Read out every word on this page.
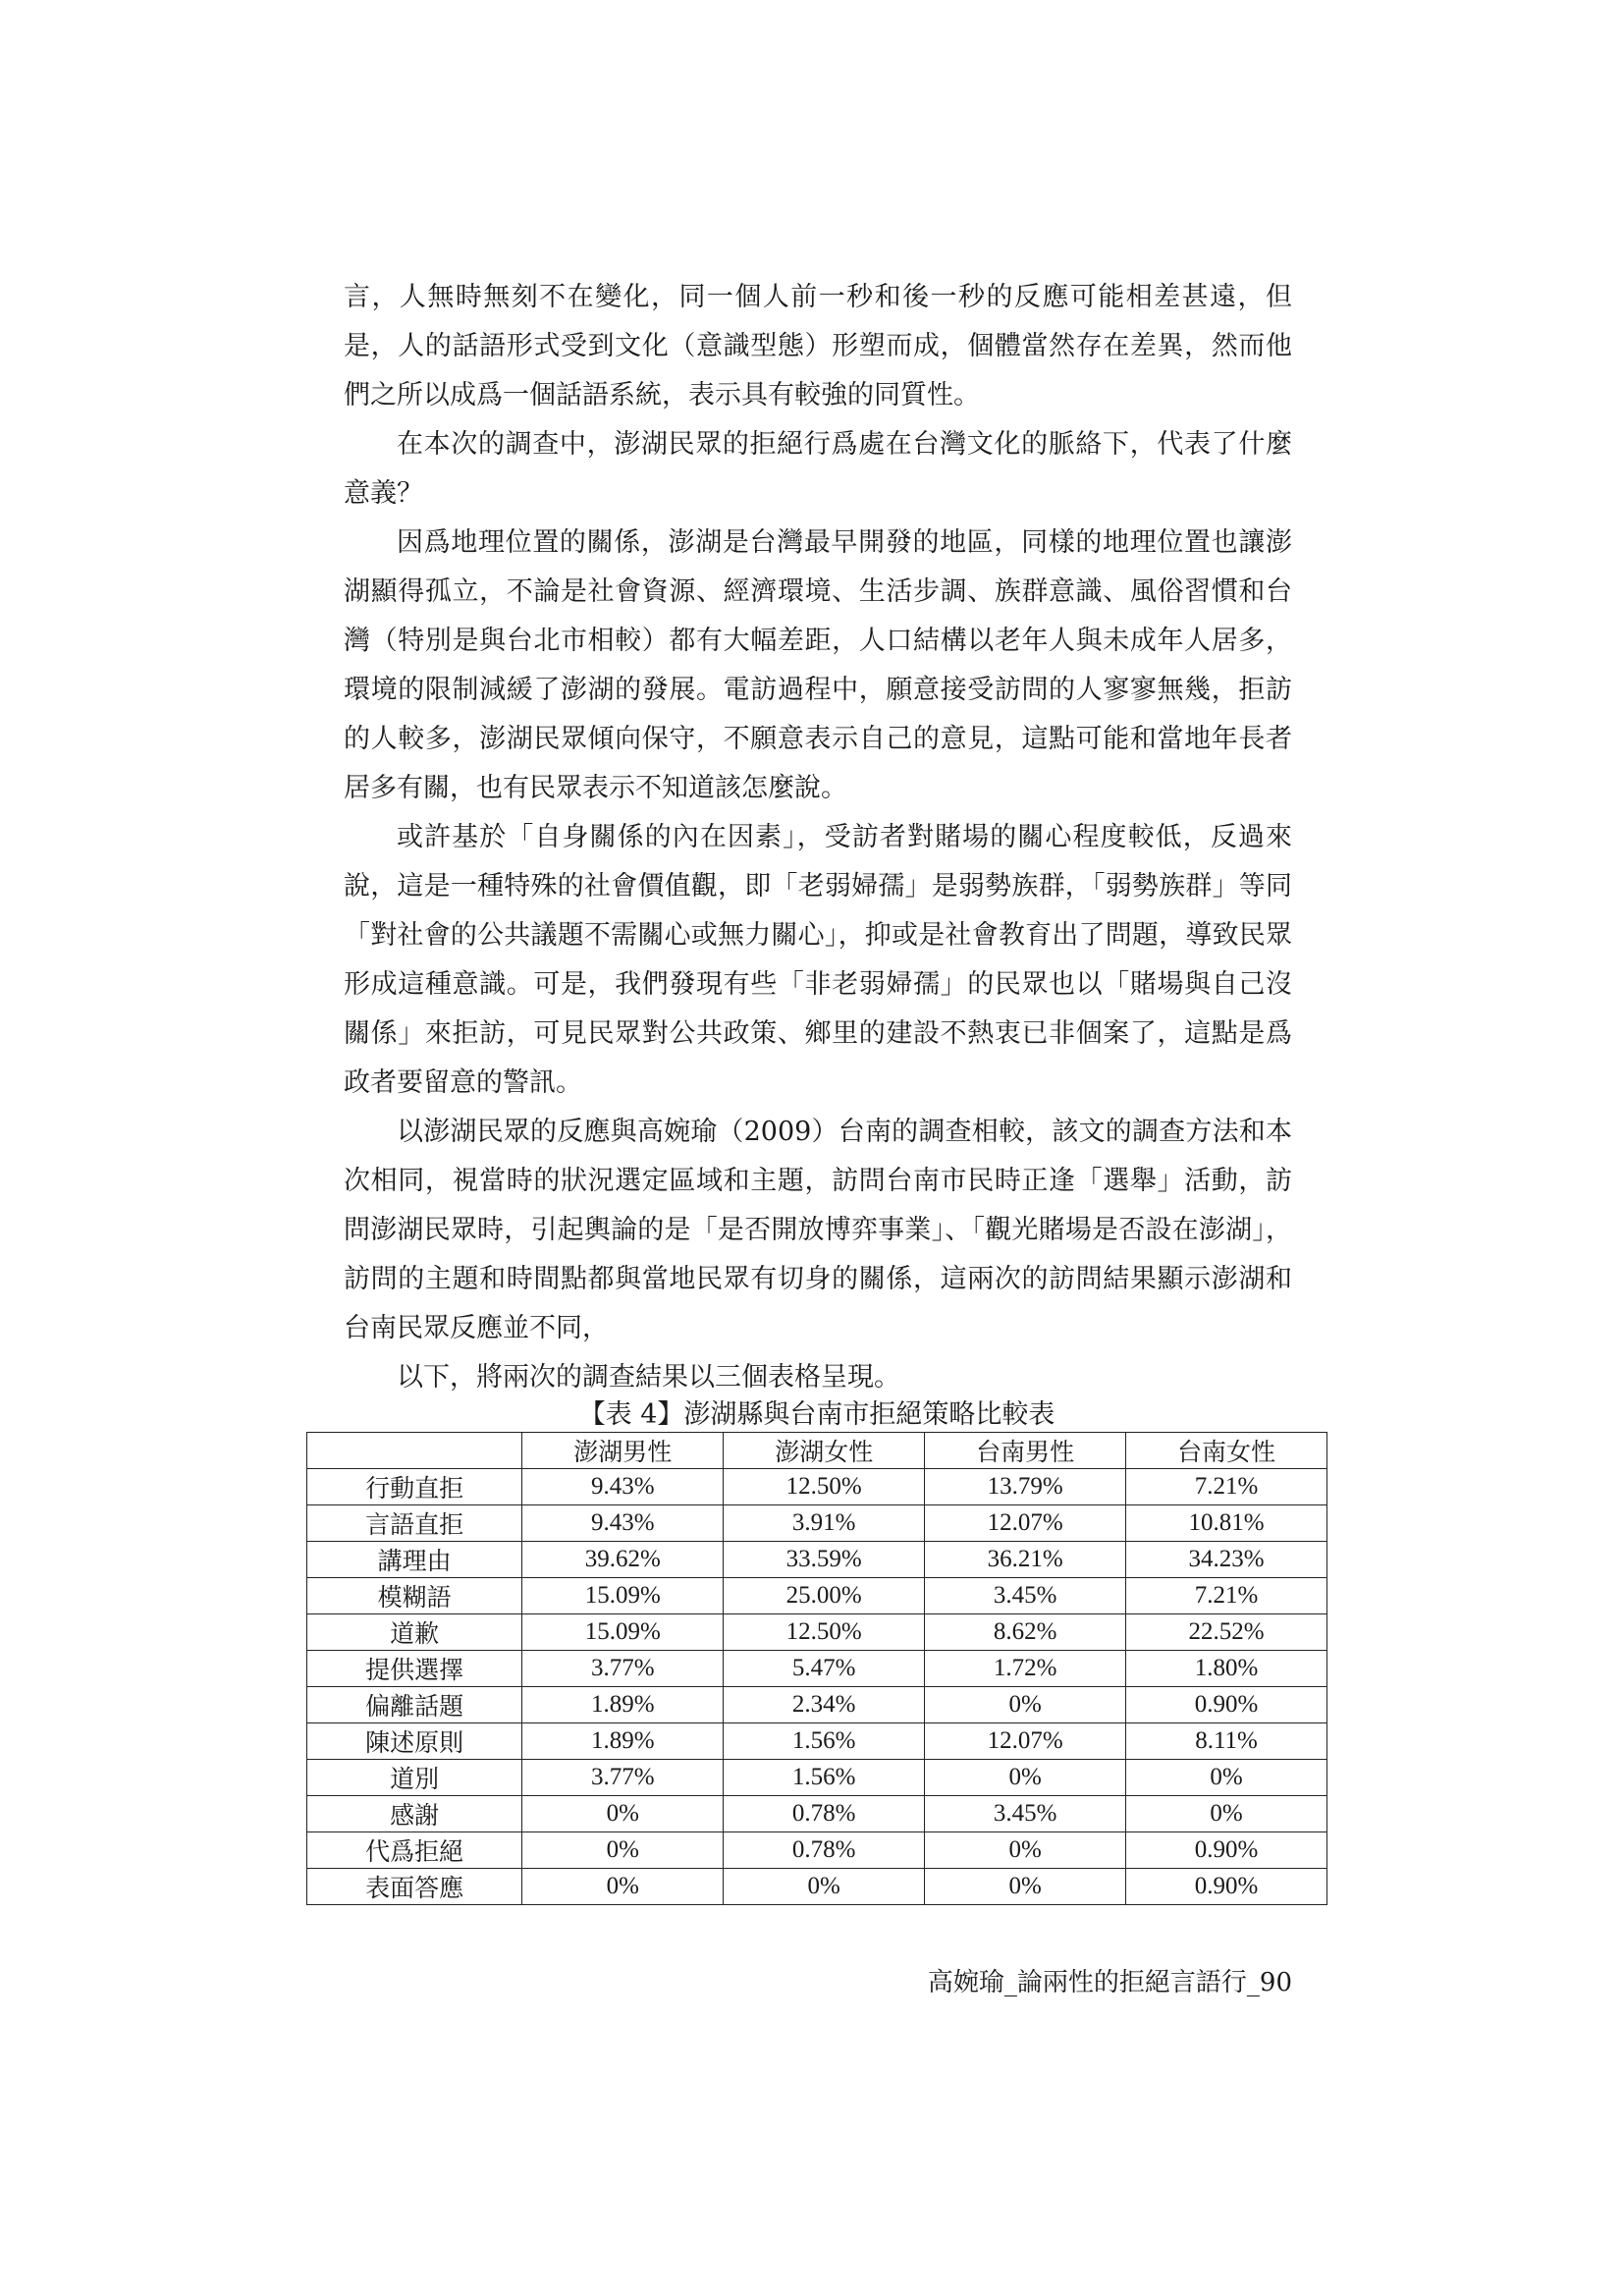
言，人無時無刻不在變化，同一個人前一秒和後一秒的反應可能相差甚遠，但是，人的話語形式受到文化（意識型態）形塑而成，個體當然存在差異，然而他們之所以成爲一個話語系統，表示具有較強的同質性。

在本次的調查中，澎湖民眾的拒絕行爲處在台灣文化的脈絡下，代表了什麼意義？

因爲地理位置的關係，澎湖是台灣最早開發的地區，同樣的地理位置也讓澎湖顯得孤立，不論是社會資源、經濟環境、生活步調、族群意識、風俗習慣和台灣（特別是與台北市相較）都有大幅差距，人口結構以老年人與未成年人居多，環境的限制減緩了澎湖的發展。電訪過程中，願意接受訪問的人寥寥無幾，拒訪的人較多，澎湖民眾傾向保守，不願意表示自己的意見，這點可能和當地年長者居多有關，也有民眾表示不知道該怎麼說。

或許基於「自身關係的內在因素」，受訪者對賭場的關心程度較低，反過來說，這是一種特殊的社會價值觀，即「老弱婦孺」是弱勢族群，「弱勢族群」等同「對社會的公共議題不需關心或無力關心」，抑或是社會教育出了問題，導致民眾形成這種意識。可是，我們發現有些「非老弱婦孺」的民眾也以「賭場與自己沒關係」來拒訪，可見民眾對公共政策、鄉里的建設不熱衷已非個案了，這點是爲政者要留意的警訊。

以澎湖民眾的反應與高婉瑜（2009）台南的調查相較，該文的調查方法和本次相同，視當時的狀況選定區域和主題，訪問台南市民時正逢「選舉」活動，訪問澎湖民眾時，引起輿論的是「是否開放博弈事業」、「觀光賭場是否設在澎湖」，訪問的主題和時間點都與當地民眾有切身的關係，這兩次的訪問結果顯示澎湖和台南民眾反應並不同，

以下，將兩次的調查結果以三個表格呈現。

【表 4】澎湖縣與台南市拒絕策略比較表
	澎湖男性	澎湖女性	台南男性	台南女性
行動直拒	9.43%	12.50%	13.79%	7.21%
言語直拒	9.43%	3.91%	12.07%	10.81%
講理由	39.62%	33.59%	36.21%	34.23%
模糊語	15.09%	25.00%	3.45%	7.21%
道歉	15.09%	12.50%	8.62%	22.52%
提供選擇	3.77%	5.47%	1.72%	1.80%
偏離話題	1.89%	2.34%	0%	0.90%
陳述原則	1.89%	1.56%	12.07%	8.11%
道別	3.77%	1.56%	0%	0%
感謝	0%	0.78%	3.45%	0%
代爲拒絕	0%	0.78%	0%	0.90%
表面答應	0%	0%	0%	0.90%
高婉瑜_論兩性的拒絕言語行_90
